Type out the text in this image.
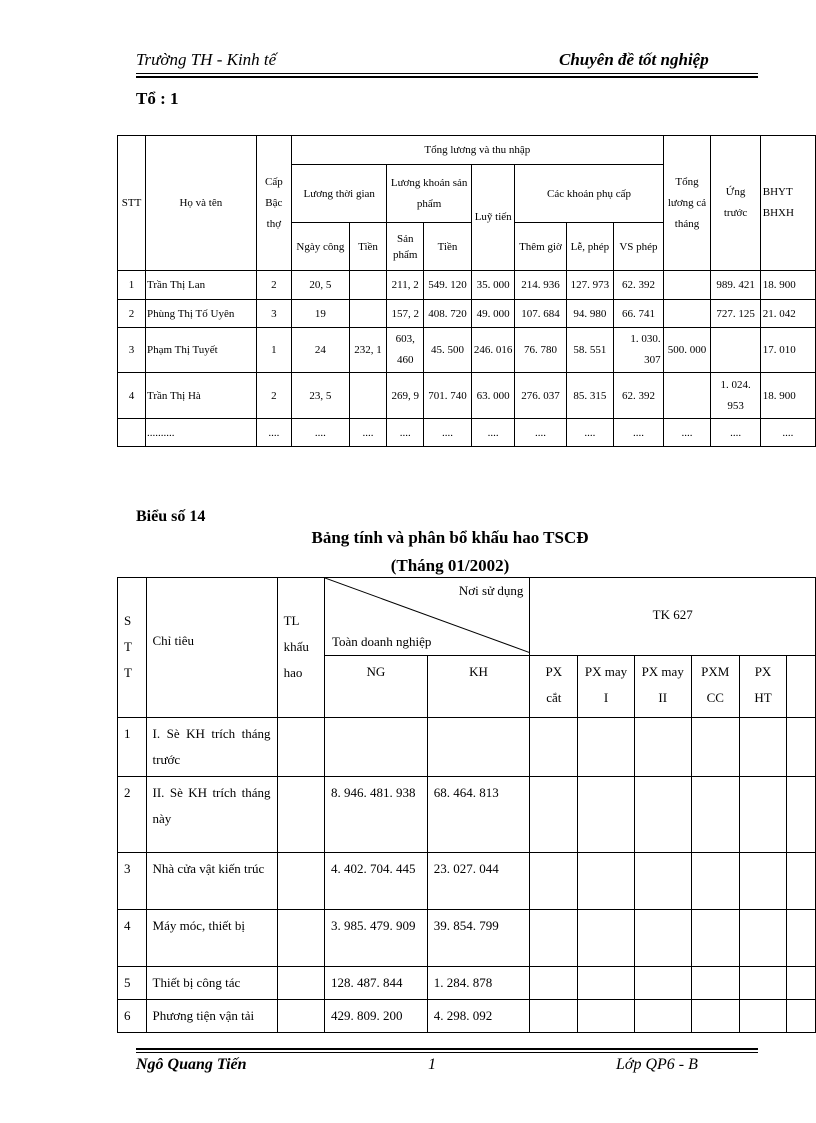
Trường TH - Kinh tế	Chuyên đề tốt nghiệp
Tổ : 1
STT	Họ và tên	Cấp Bậc thợ	Tổng lương và thu nhập								Tổng lương cả tháng	Ứng trước	BHYT BHXH
			Lương thời gian		Lương khoán sản phẩm		Luỹ tiến	Các khoản phụ cấp					
			Ngày công	Tiền	Sản phẩm	Tiền		Thêm giờ	Lễ, phép	VS phép			
1	Trần Thị Lan	2	20, 5		211, 2	549. 120	35. 000	214. 936	127. 973	62. 392		989. 421	18. 900
2	Phùng Thị Tố Uyên	3	19		157, 2	408. 720	49. 000	107. 684	94. 980	66. 741		727. 125	21. 042
3	Phạm Thị Tuyết	1	24	232, 1	603, 460	45. 500	246. 016	76. 780	58. 551	1. 030. 307	500. 000		17. 010
4	Trần Thị Hà	2	23, 5		269, 9	701. 740	63. 000	276. 037	85. 315	62. 392		1. 024. 953	18. 900
	..........	....	....	....	....	....	....	....	....	....	....	....	....
Biểu số 14
Bảng tính và phân bổ khấu hao TSCĐ
(Tháng 01/2002)
S T T	Chỉ tiêu	TL khấu hao	Nơi sử dụng
Toàn doanh nghiệp		TK 627					
			NG	KH	PX cắt	PX may I	PX may II	PXM CC	PX HT	
1	I. Sè KH trích tháng trước									
2	II. Sè KH trích tháng này		8. 946. 481. 938	68. 464. 813						
3	Nhà cửa vật kiến trúc		4. 402. 704. 445	23. 027. 044						
4	Máy móc, thiết bị		3. 985. 479. 909	39. 854. 799						
5	Thiết bị công tác		128. 487. 844	1. 284. 878						
6	Phương tiện vận tải		429. 809. 200	4. 298. 092						
Ngô Quang Tiến	1	Lớp QP6 - B
